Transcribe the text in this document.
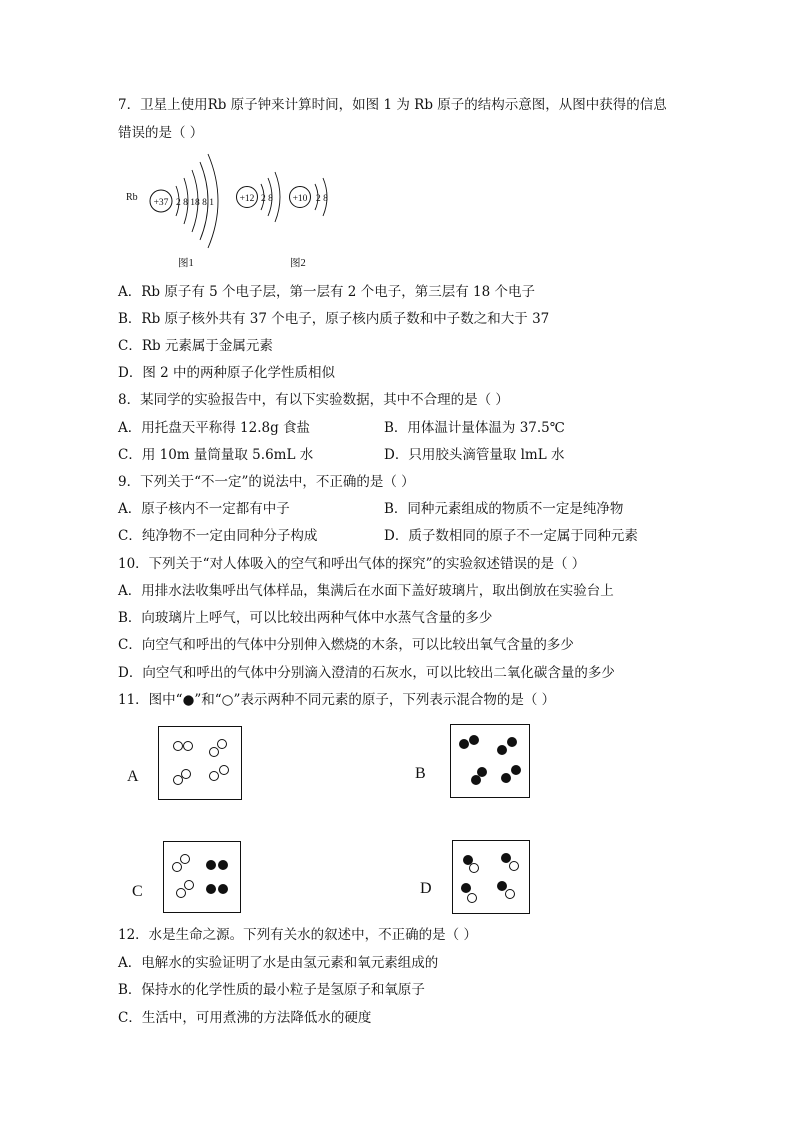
7．卫星上使用Rb 原子钟来计算时间，如图 1 为 Rb 原子的结构示意图，从图中获得的信息
错误的是（ ）
Rb +37 2 8 18 8 1	+12 2 8 +10 2 8
图1	图2
A．Rb 原子有 5 个电子层，第一层有 2 个电子，第三层有 18 个电子
B．Rb 原子核外共有 37 个电子，原子核内质子数和中子数之和大于 37
C．Rb 元素属于金属元素
D．图 2 中的两种原子化学性质相似
8．某同学的实验报告中，有以下实验数据，其中不合理的是（ ）
A．用托盘天平称得 12.8g 食盐	B．用体温计量体温为 37.5℃
C．用 10m 量筒量取 5.6mL 水	D．只用胶头滴管量取 lmL 水
9．下列关于“不一定”的说法中，不正确的是（ ）
A．原子核内不一定都有中子	B．同种元素组成的物质不一定是纯净物
C．纯净物不一定由同种分子构成	D．质子数相同的原子不一定属于同种元素
10．下列关于“对人体吸入的空气和呼出气体的探究”的实验叙述错误的是（ ）
A．用排水法收集呼出气体样品，集满后在水面下盖好玻璃片，取出倒放在实验台上
B．向玻璃片上呼气，可以比较出两种气体中水蒸气含量的多少
C．向空气和呼出的气体中分别伸入燃烧的木条，可以比较出氧气含量的多少
D．向空气和呼出的气体中分别滴入澄清的石灰水，可以比较出二氧化碳含量的多少
11．图中“●”和“○”表示两种不同元素的原子，下列表示混合物的是（ ）
A	B
C	D
12．水是生命之源。下列有关水的叙述中，不正确的是（ ）
A．电解水的实验证明了水是由氢元素和氧元素组成的
B．保持水的化学性质的最小粒子是氢原子和氧原子
C．生活中，可用煮沸的方法降低水的硬度
